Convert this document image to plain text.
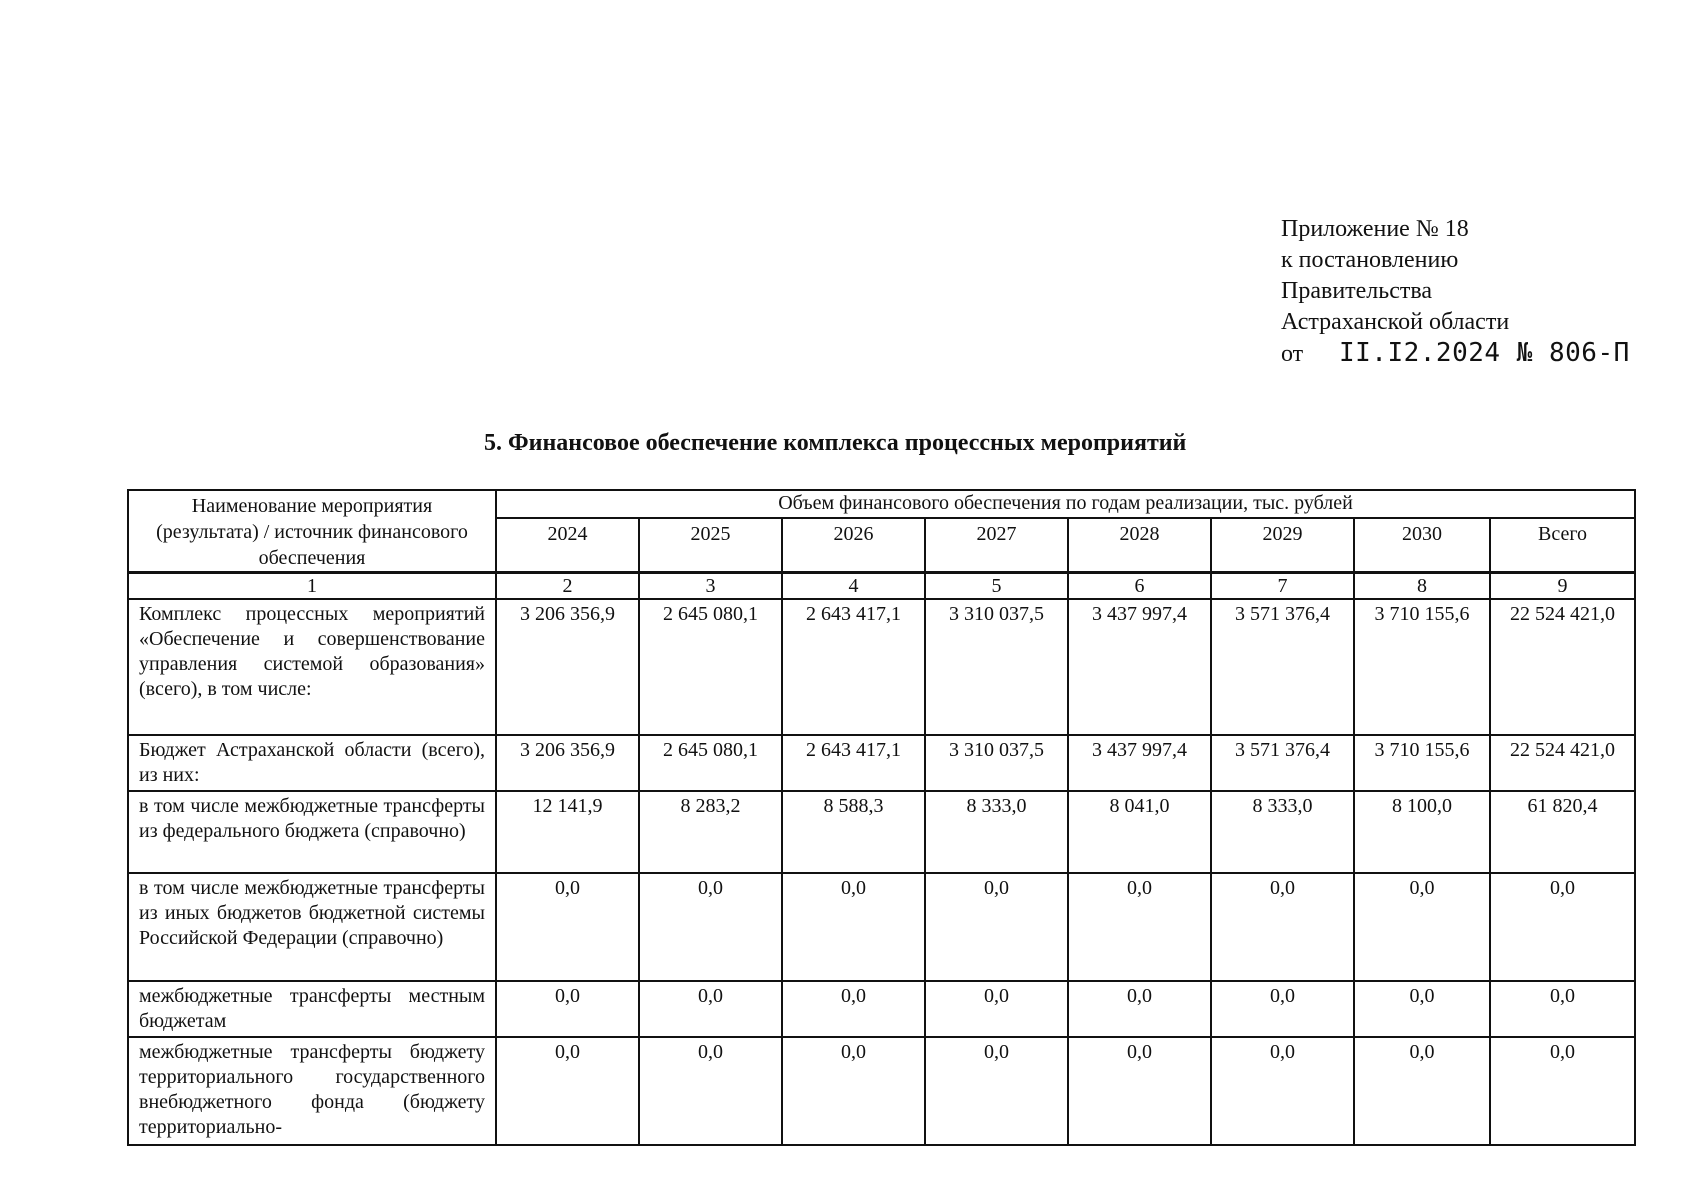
Приложение № 18
к постановлению
Правительства
Астраханской области
от II.I2.2024 № 806-П
5. Финансовое обеспечение комплекса процессных мероприятий
Наименование мероприятия (результата) / источник финансового обеспечения	Объем финансового обеспечения по годам реализации, тыс. рублей							
	2024	2025	2026	2027	2028	2029	2030	Всего
1	2	3	4	5	6	7	8	9
Комплекс процессных мероприятий «Обеспечение и совершенствование управления системой образования» (всего), в том числе:	3 206 356,9	2 645 080,1	2 643 417,1	3 310 037,5	3 437 997,4	3 571 376,4	3 710 155,6	22 524 421,0
Бюджет Астраханской области (всего), из них:	3 206 356,9	2 645 080,1	2 643 417,1	3 310 037,5	3 437 997,4	3 571 376,4	3 710 155,6	22 524 421,0
в том числе межбюджетные трансферты из федерального бюджета (справочно)	12 141,9	8 283,2	8 588,3	8 333,0	8 041,0	8 333,0	8 100,0	61 820,4
в том числе межбюджетные трансферты из иных бюджетов бюджетной системы Российской Федерации (справочно)	0,0	0,0	0,0	0,0	0,0	0,0	0,0	0,0
межбюджетные трансферты местным бюджетам	0,0	0,0	0,0	0,0	0,0	0,0	0,0	0,0
межбюджетные трансферты бюджету территориального государственного внебюджетного фонда (бюджету территориально-	0,0	0,0	0,0	0,0	0,0	0,0	0,0	0,0
